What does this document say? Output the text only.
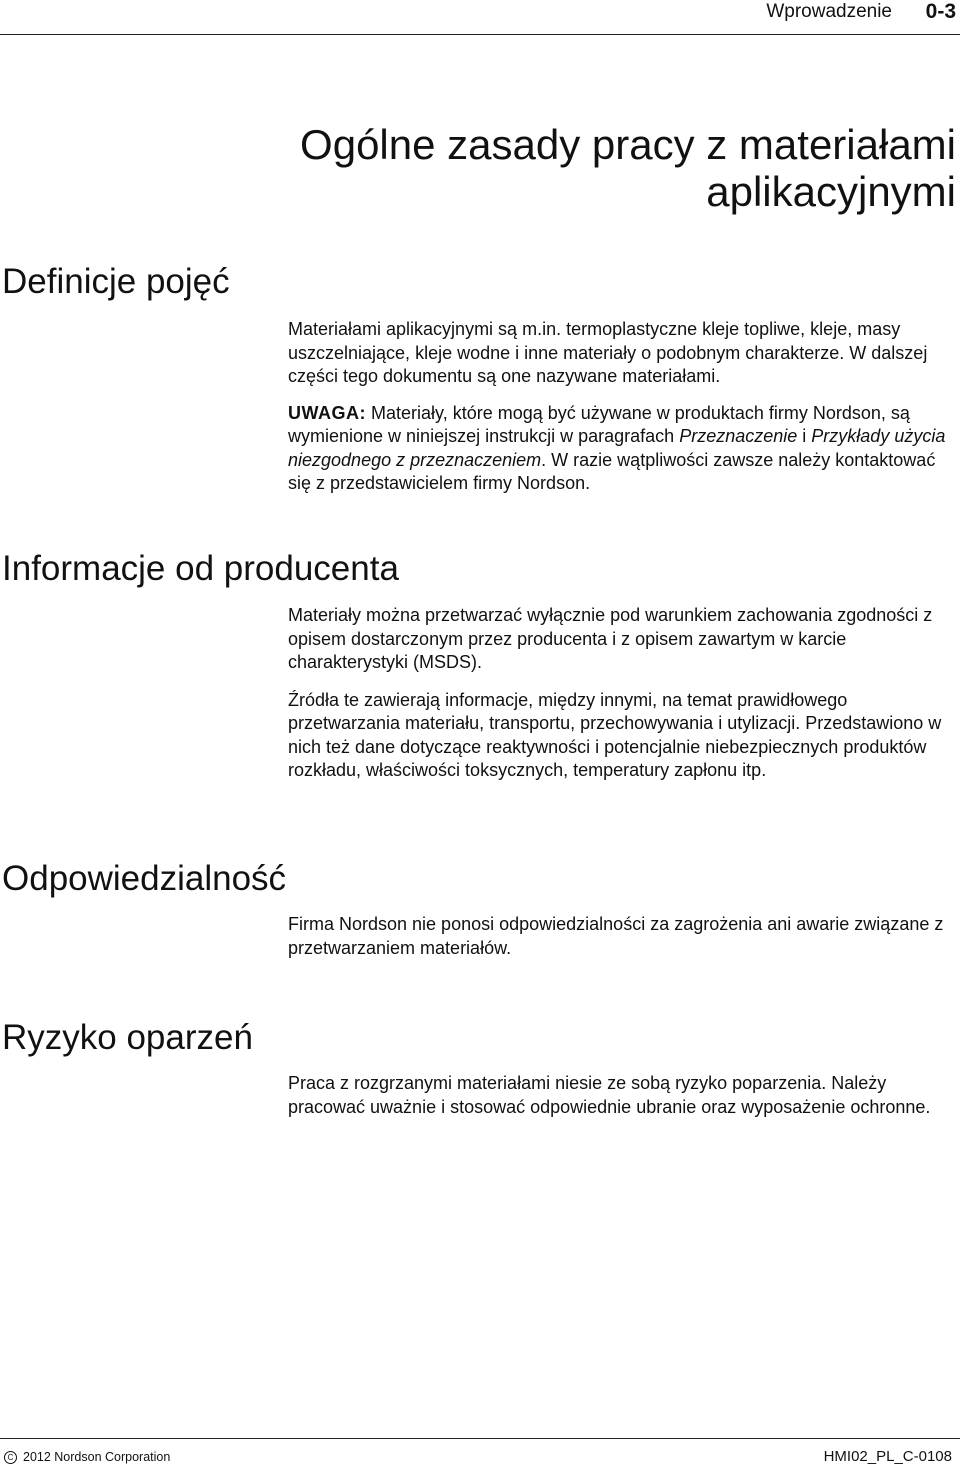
Wprowadzenie 0-3
Ogólne zasady pracy z materiałami
aplikacyjnymi
Definicje pojęć

Materiałami aplikacyjnymi są m.in. termoplastyczne kleje topliwe, kleje, masy uszczelniające, kleje wodne i inne materiały o podobnym charakterze. W dalszej części tego dokumentu są one nazywane materiałami.

UWAGA: Materiały, które mogą być używane w produktach firmy Nordson, są wymienione w niniejszej instrukcji w paragrafach Przeznaczenie i Przykłady użycia niezgodnego z przeznaczeniem. W razie wątpliwości zawsze należy kontaktować się z przedstawicielem firmy Nordson.

Informacje od producenta

Materiały można przetwarzać wyłącznie pod warunkiem zachowania zgodności z opisem dostarczonym przez producenta i z opisem zawartym w karcie charakterystyki (MSDS).

Źródła te zawierają informacje, między innymi, na temat prawidłowego przetwarzania materiału, transportu, przechowywania i utylizacji. Przedstawiono w nich też dane dotyczące reaktywności i potencjalnie niebezpiecznych produktów rozkładu, właściwości toksycznych, temperatury zapłonu itp.

Odpowiedzialność

Firma Nordson nie ponosi odpowiedzialności za zagrożenia ani awarie związane z przetwarzaniem materiałów.

Ryzyko oparzeń

Praca z rozgrzanymi materiałami niesie ze sobą ryzyko poparzenia. Należy pracować uważnie i stosować odpowiednie ubranie oraz wyposażenie ochronne.

C 2012 Nordson Corporation	HMI02_PL_C-0108
